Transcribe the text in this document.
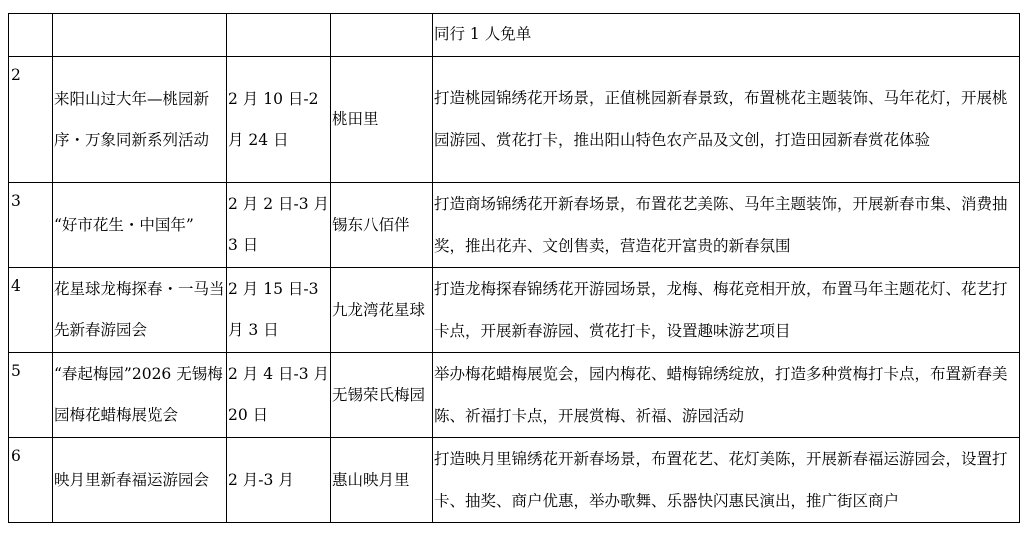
				同行 1 人免单
2	来阳山过大年—桃园新序・万象同新系列活动	2 月 10 日-2 月 24 日	桃田里	打造桃园锦绣花开场景，正值桃园新春景致，布置桃花主题装饰、马年花灯，开展桃园游园、赏花打卡，推出阳山特色农产品及文创，打造田园新春赏花体验
3	“好市花生・中国年”	2 月 2 日-3 月 3 日	锡东八佰伴	打造商场锦绣花开新春场景，布置花艺美陈、马年主题装饰，开展新春市集、消费抽奖，推出花卉、文创售卖，营造花开富贵的新春氛围
4	花星球龙梅探春・一马当先新春游园会	2 月 15 日-3 月 3 日	九龙湾花星球	打造龙梅探春锦绣花开游园场景，龙梅、梅花竞相开放，布置马年主题花灯、花艺打卡点，开展新春游园、赏花打卡，设置趣味游艺项目
5	“春起梅园”2026 无锡梅园梅花蜡梅展览会	2 月 4 日-3 月 20 日	无锡荣氏梅园	举办梅花蜡梅展览会，园内梅花、蜡梅锦绣绽放，打造多种赏梅打卡点，布置新春美陈、祈福打卡点，开展赏梅、祈福、游园活动
6	映月里新春福运游园会	2 月-3 月	惠山映月里	打造映月里锦绣花开新春场景，布置花艺、花灯美陈，开展新春福运游园会，设置打卡、抽奖、商户优惠，举办歌舞、乐器快闪惠民演出，推广街区商户
